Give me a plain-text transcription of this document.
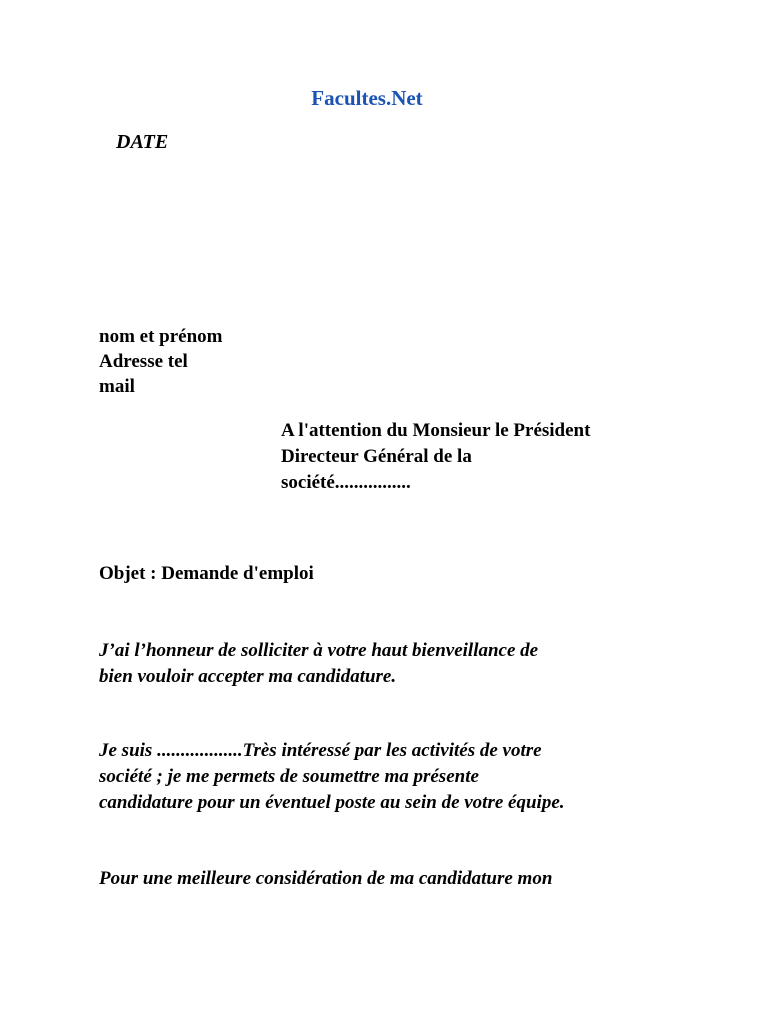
Facultes.Net
DATE
nom et prénom
Adresse tel
mail
A l'attention du Monsieur le Président
Directeur Général de la
société................
Objet : Demande d'emploi
J’ai l’honneur de solliciter à votre haut bienveillance de
bien vouloir accepter ma candidature.
Je suis ..................Très intéressé par les activités de votre
société ; je me permets de soumettre ma présente
candidature pour un éventuel poste au sein de votre équipe.
Pour une meilleure considération de ma candidature mon
